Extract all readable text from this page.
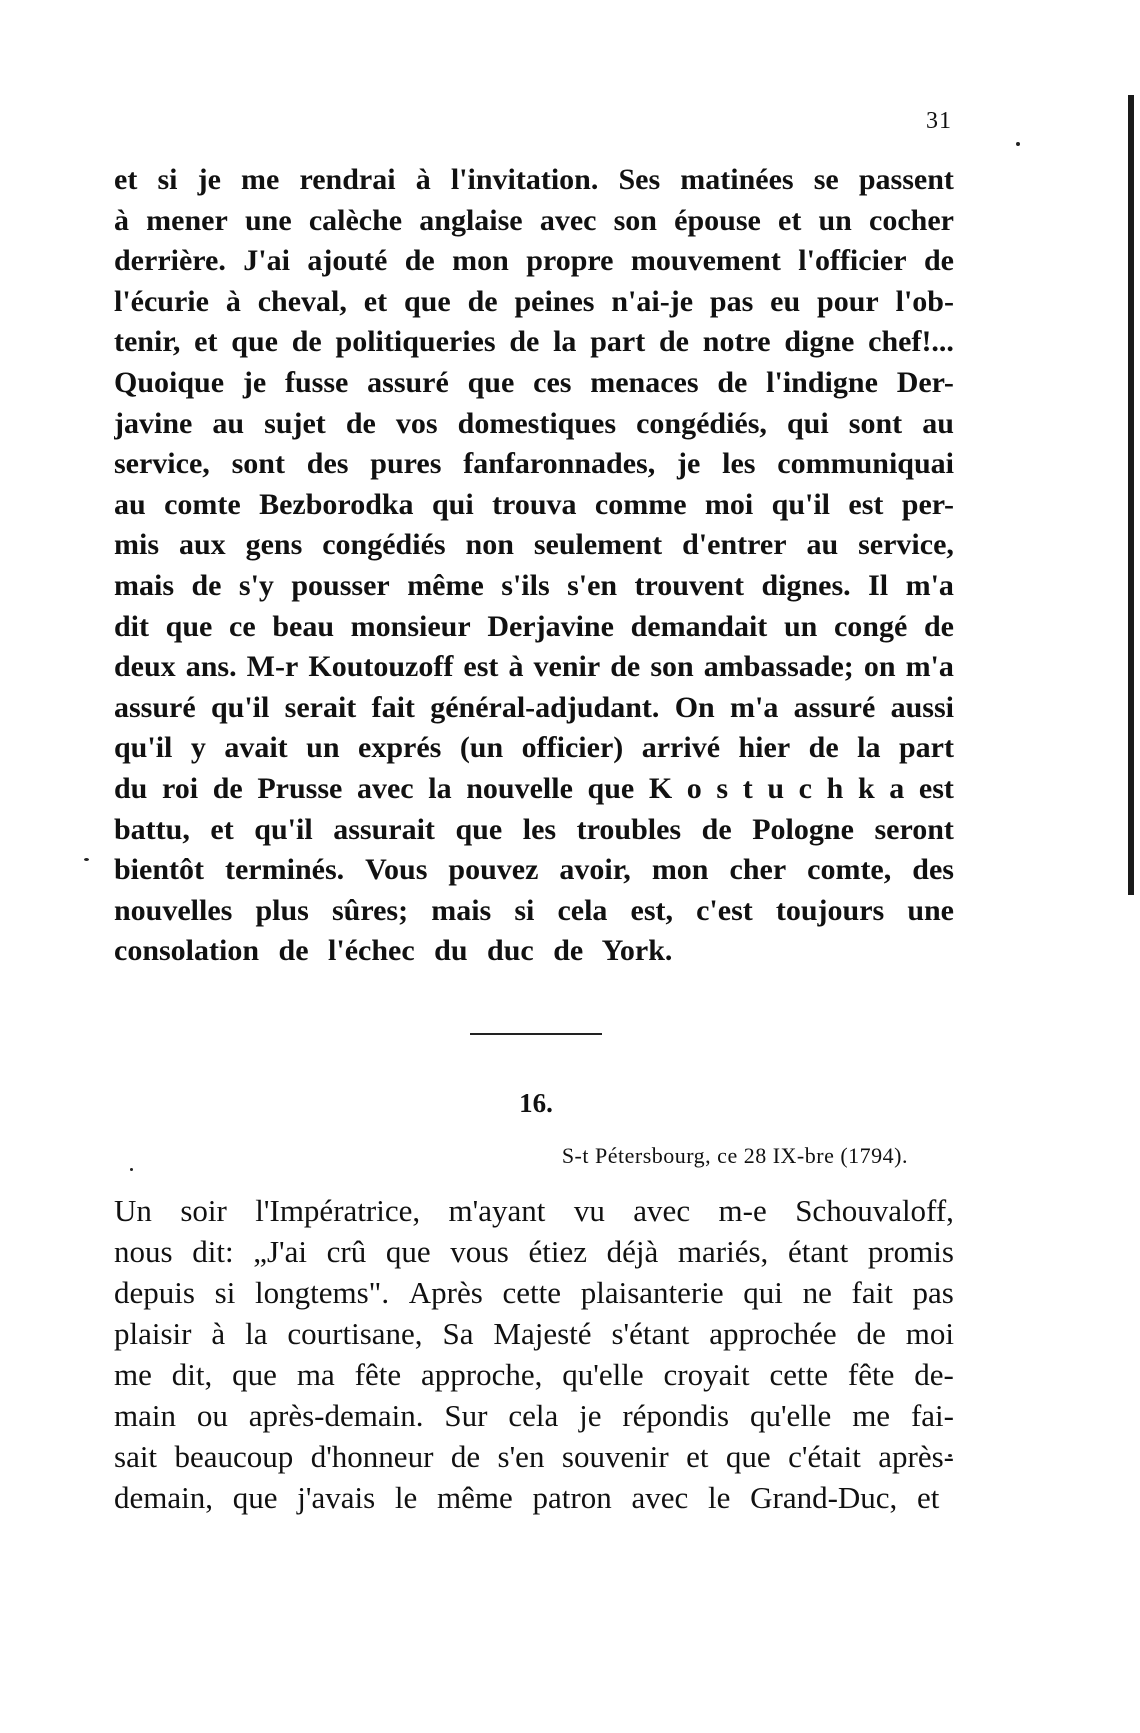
31
et si je me rendrai à l'invitation. Ses matinées se passent
à mener une calèche anglaise avec son épouse et un cocher
derrière. J'ai ajouté de mon propre mouvement l'officier de
l'écurie à cheval, et que de peines n'ai-je pas eu pour l'ob-
tenir, et que de politiqueries de la part de notre digne chef!...
Quoique je fusse assuré que ces menaces de l'indigne Der-
javine au sujet de vos domestiques congédiés, qui sont au
service, sont des pures fanfaronnades, je les communiquai
au comte Bezborodka qui trouva comme moi qu'il est per-
mis aux gens congédiés non seulement d'entrer au service,
mais de s'y pousser même s'ils s'en trouvent dignes. Il m'a
dit que ce beau monsieur Derjavine demandait un congé de
deux ans. M-r Koutouzoff est à venir de son ambassade; on m'a
assuré qu'il serait fait général-adjudant. On m'a assuré aussi
qu'il y avait un exprés (un officier) arrivé hier de la part
du roi de Prusse avec la nouvelle que K o s t u c h k a est
battu, et qu'il assurait que les troubles de Pologne seront
bientôt terminés. Vous pouvez avoir, mon cher comte, des
nouvelles plus sûres; mais si cela est, c'est toujours une
consolation de l'échec du duc de York.
16.
S-t Pétersbourg, ce 28 IX-bre (1794).
Un soir l'Impératrice, m'ayant vu avec m-e Schouvaloff,
nous dit: „J'ai crû que vous étiez déjà mariés, étant promis
depuis si longtems". Après cette plaisanterie qui ne fait pas
plaisir à la courtisane, Sa Majesté s'étant approchée de moi
me dit, que ma fête approche, qu'elle croyait cette fête de-
main ou après-demain. Sur cela je répondis qu'elle me fai-
sait beaucoup d'honneur de s'en souvenir et que c'était après-
demain, que j'avais le même patron avec le Grand-Duc, et
